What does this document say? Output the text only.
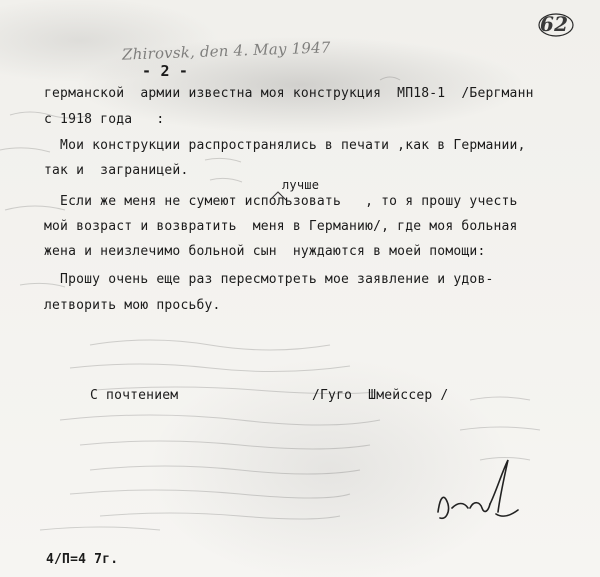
62
Zhirovsk, den 4. May 1947
- 2 -
германской  армии известна моя конструкция  МП18-1  /Бергманн
с 1918 года   :
Мои конструкции распространялись в печати ,как в Германии,
так и  заграницей.
лучше
Если же меня не сумеют использовать   , то я прошу учесть
мой возраст и возвратить  меня в Германию/, где моя больная
жена и неизлечимо больной сын  нуждаются в моей помощи:
Прошу очень еще раз пересмотреть мое заявление и удов-
летворить мою просьбу.
С почтением	/Гуго  Шмейссер /
4/П=4 7г.
